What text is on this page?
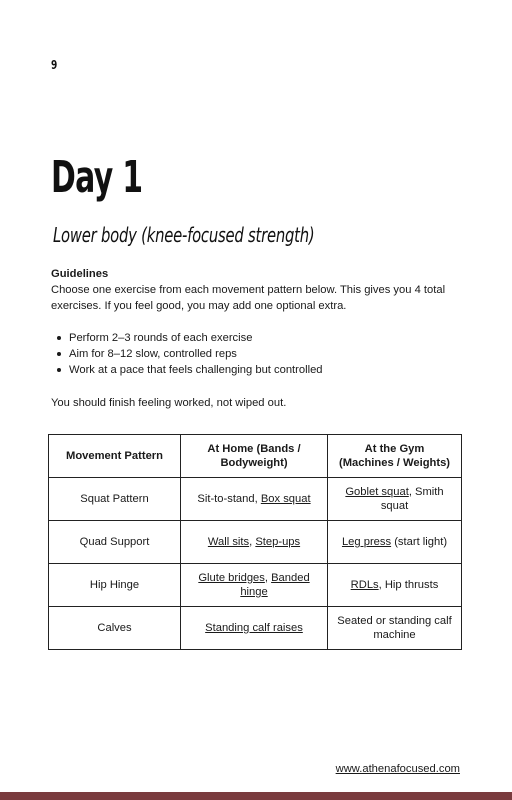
9
Day 1
Lower body (knee-focused strength)
Guidelines
Choose one exercise from each movement pattern below. This gives you 4 total exercises. If you feel good, you may add one optional extra.
Perform 2–3 rounds of each exercise
Aim for 8–12 slow, controlled reps
Work at a pace that feels challenging but controlled
You should finish feeling worked, not wiped out.
Movement Pattern	At Home (Bands / Bodyweight)	At the Gym (Machines / Weights)
Squat Pattern	Sit-to-stand, Box squat	Goblet squat, Smith squat
Quad Support	Wall sits, Step-ups	Leg press (start light)
Hip Hinge	Glute bridges, Banded hinge	RDLs, Hip thrusts
Calves	Standing calf raises	Seated or standing calf machine
www.athenafocused.com
